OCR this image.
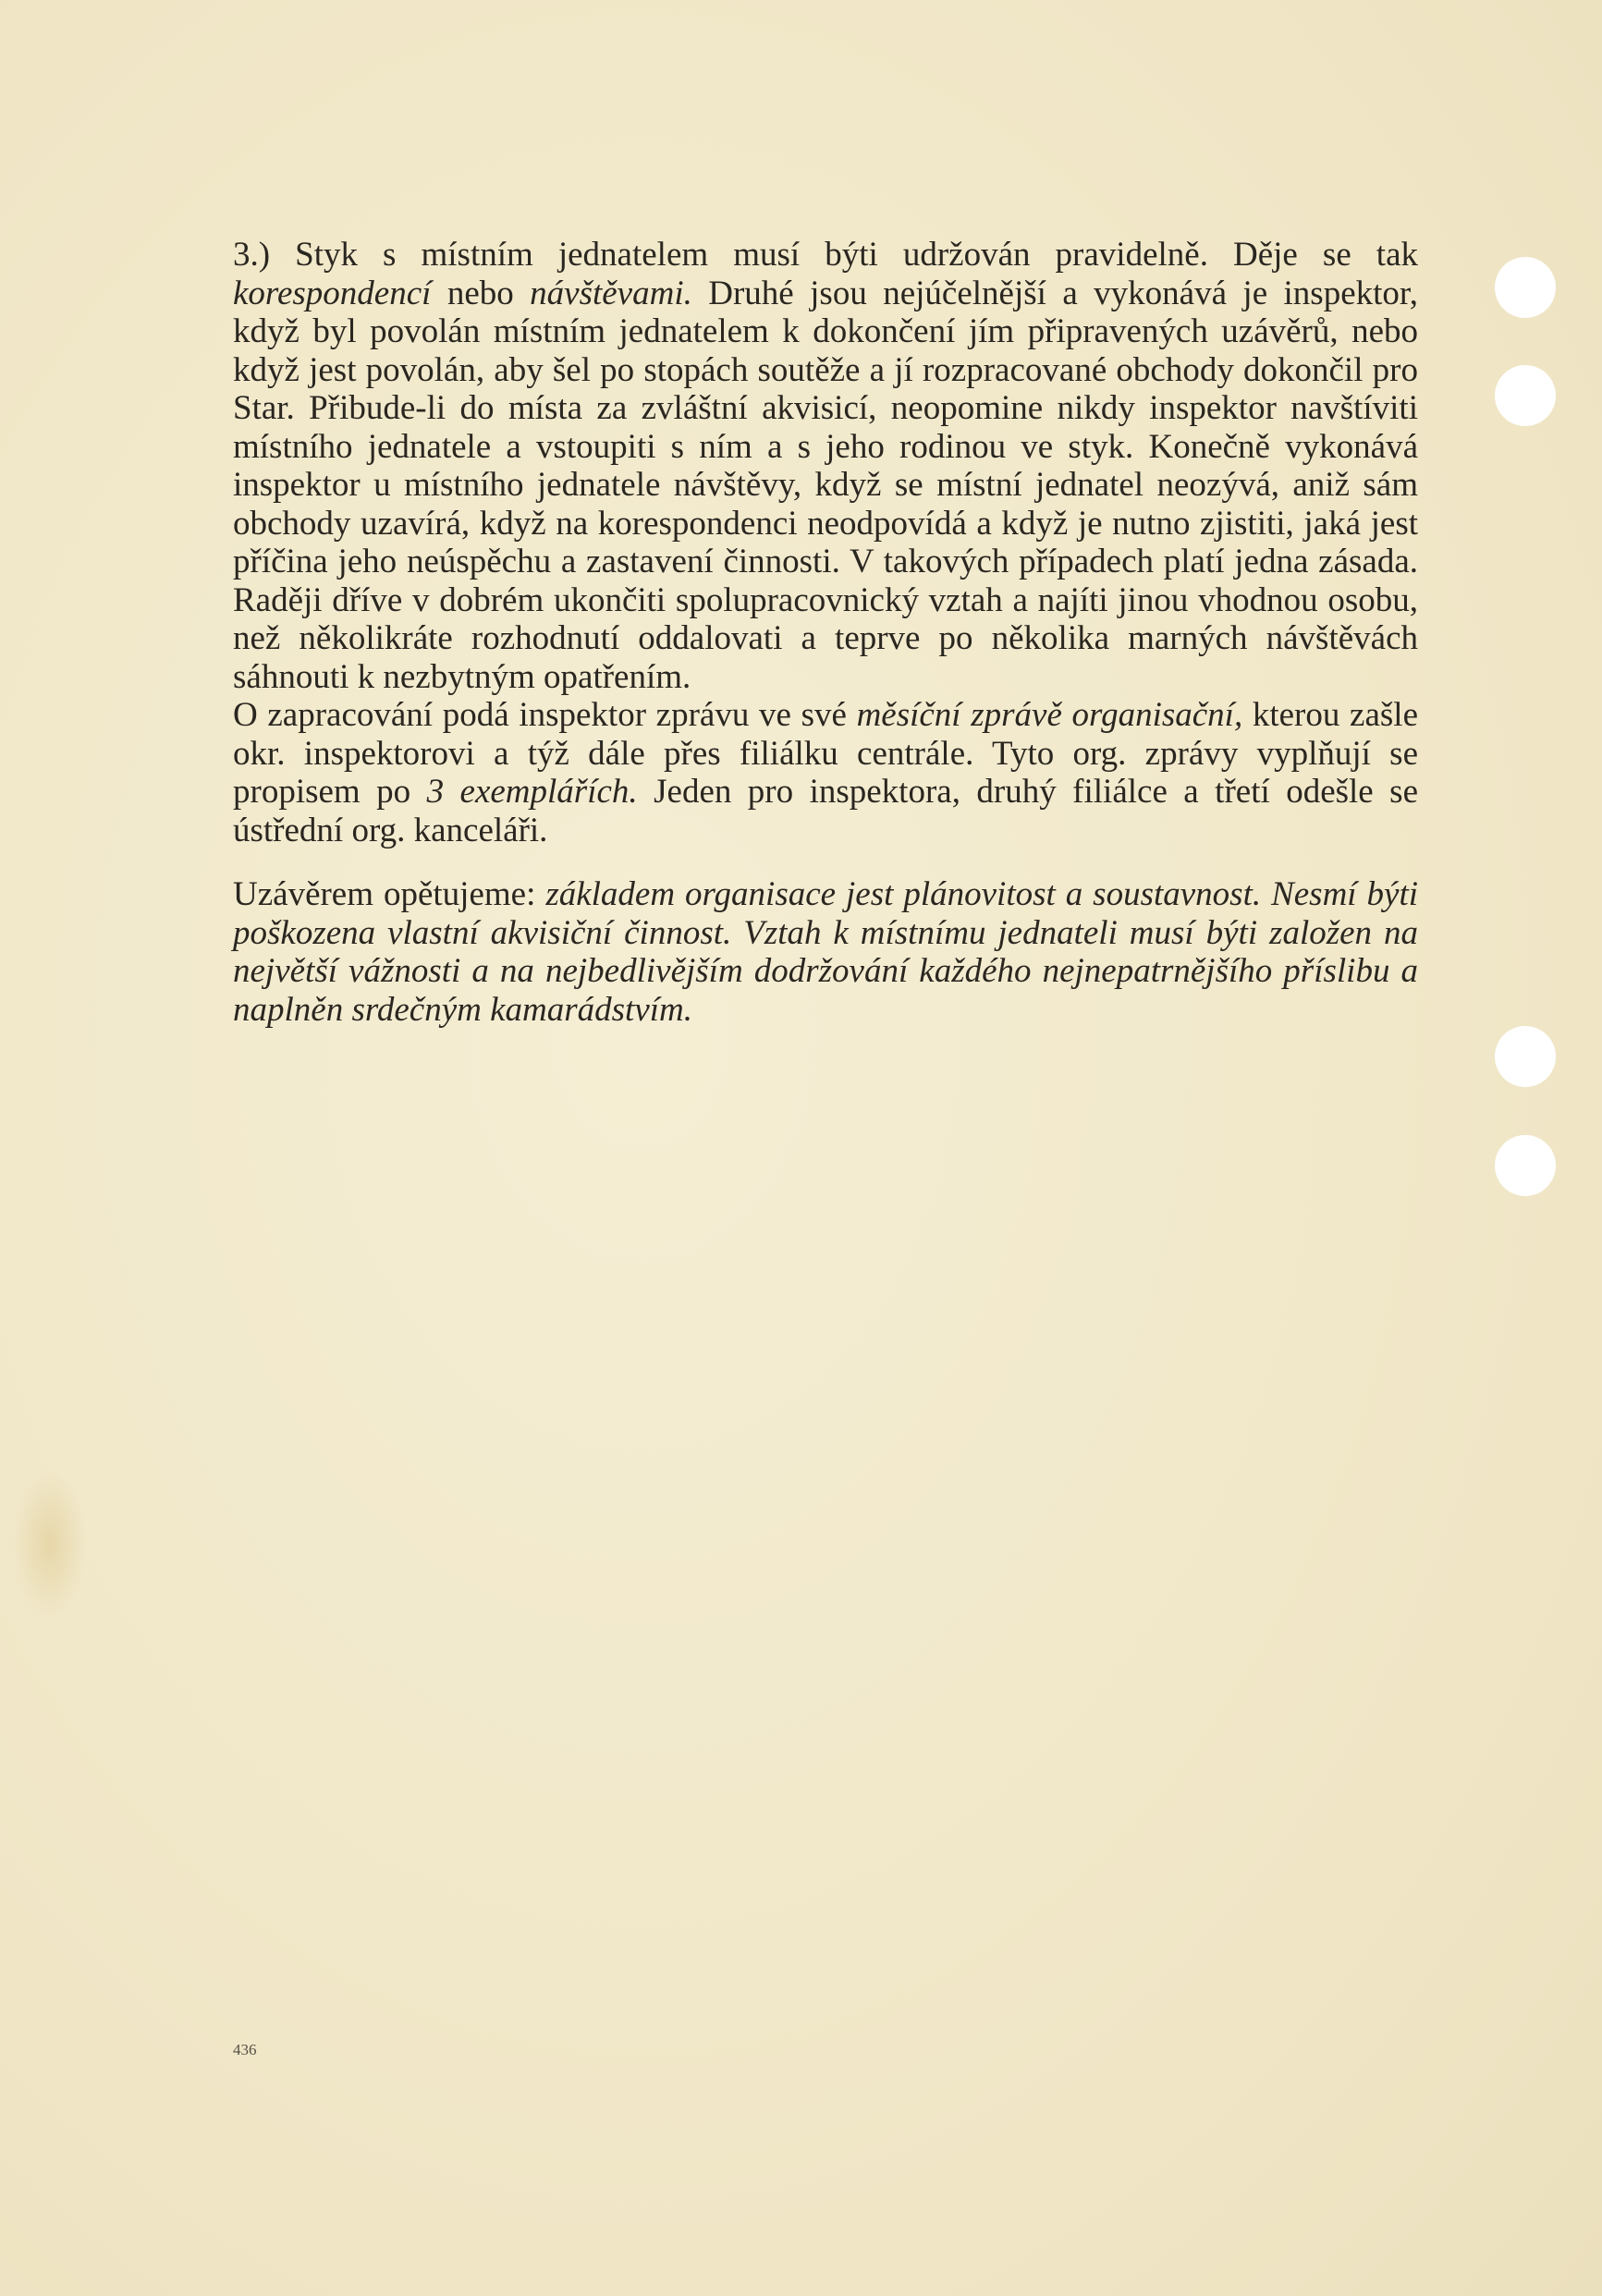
3.) Styk s místním jednatelem musí býti udržován pravidelně. Děje se tak korespondencí nebo návštěvami. Druhé jsou nejúčelnější a vykonává je inspektor, když byl povolán místním jednatelem k dokončení jím připravených uzávěrů, nebo když jest povolán, aby šel po stopách soutěže a jí rozpracované obchody dokončil pro Star. Přibude-li do místa za zvláštní akvisicí, neopomine nikdy inspektor navštíviti místního jednatele a vstoupiti s ním a s jeho rodinou ve styk. Konečně vykonává inspektor u místního jednatele návštěvy, když se místní jednatel neozývá, aniž sám obchody uzavírá, když na korespondenci neodpovídá a když je nutno zjistiti, jaká jest příčina jeho neúspěchu a zastavení činnosti. V takových případech platí jedna zásada. Raději dříve v dobrém ukončiti spolupracovnický vztah a najíti jinou vhodnou osobu, než několikráte rozhodnutí oddalovati a teprve po několika marných návštěvách sáhnouti k nezbytným opatřením.

O zapracování podá inspektor zprávu ve své měsíční zprávě organisační, kterou zašle okr. inspektorovi a týž dále přes filiálku centrále. Tyto org. zprávy vyplňují se propisem po 3 exemplářích. Jeden pro inspektora, druhý filiálce a třetí odešle se ústřední org. kanceláři.

Uzávěrem opětujeme: základem organisace jest plánovitost a soustavnost. Nesmí býti poškozena vlastní akvisiční činnost. Vztah k místnímu jednateli musí býti založen na největší vážnosti a na nejbedlivějším dodržování každého nejnepatrnějšího příslibu a naplněn srdečným kamarádstvím.

436
